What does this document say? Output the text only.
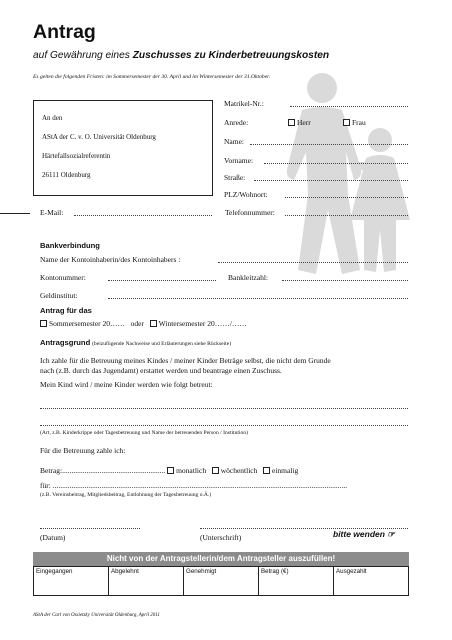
Antrag
auf Gewährung eines Zuschusses zu Kinderbetreuungskosten
Es gelten die folgenden Fristen: im Sommersemester der 30. April und im Wintersemester der 31.Oktober.
An den
AStA der C. v. O. Universität Oldenburg
Härtefallsozialreferentin
26111 Oldenburg
Matrikel-Nr.:
Anrede:	Herr	Frau
Name:
Vorname:
Straße:
PLZ/Wohnort:
E-Mail:	Telefonnummer:
Bankverbindung
Name der Kontoinhaberin/des Kontoinhabers :
Kontonummer:	Bankleitzahl:
Geldinstitut:
Antrag für das
Sommersemester 20…… oder Wintersemester 20……/……
Antragsgrund (beizufügende Nachweise und Erläuterungen siehe Rückseite)
Ich zahle für die Betreuung meines Kindes / meiner Kinder Beträge selbst, die nicht dem Grunde
nach (z.B. durch das Jugendamt) erstattet werden und beantrage einen Zuschuss.
Mein Kind wird / meine Kinder werden wie folgt betreut:
(Art, z.B. Kinderkrippe oder Tagesbetreuung und Name der betreuenden Person / Institution)
Für die Betreuung zahle ich:
Betrag:....................................................... monatlich wöchentlich einmalig
für: .............................................................................................................................................................
(z.B. Vereinsbeitrag, Mitgliedsbeitrag, Entlohnung der Tagesbetreuung o.Ä.)
(Datum)	(Unterschrift)	bitte wenden ☞
Nicht von der Antragstellerin/dem Antragsteller auszufüllen!
Eingegangen	Abgelehnt	Genehmigt	Betrag (€)	Ausgezahlt
AStA der Carl von Ossietzky Universität Oldenburg, April 2011
